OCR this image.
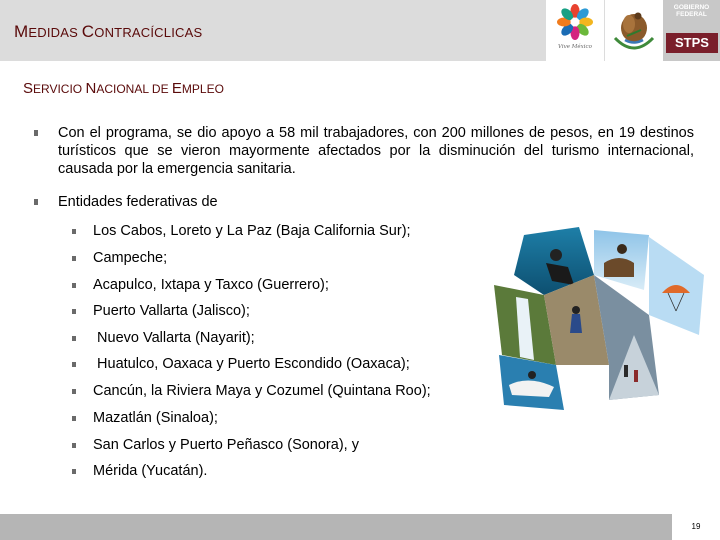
MEDIDAS CONTRACÍCLICAS
Vive México
GOBIERNO
FEDERAL
STPS
SERVICIO NACIONAL DE EMPLEO
Con el programa, se dio apoyo a 58 mil trabajadores, con 200 millones de pesos, en 19 destinos turísticos que se vieron mayormente afectados por la disminución del turismo internacional, causada por la emergencia sanitaria.
Entidades federativas de
Los Cabos, Loreto y La Paz (Baja California Sur);
Campeche;
Acapulco, Ixtapa y Taxco (Guerrero);
Puerto Vallarta (Jalisco);
Nuevo Vallarta (Nayarit);
Huatulco, Oaxaca y Puerto Escondido (Oaxaca);
Cancún, la Riviera Maya y Cozumel (Quintana Roo);
Mazatlán (Sinaloa);
San Carlos y Puerto Peñasco (Sonora), y
Mérida (Yucatán).
19
